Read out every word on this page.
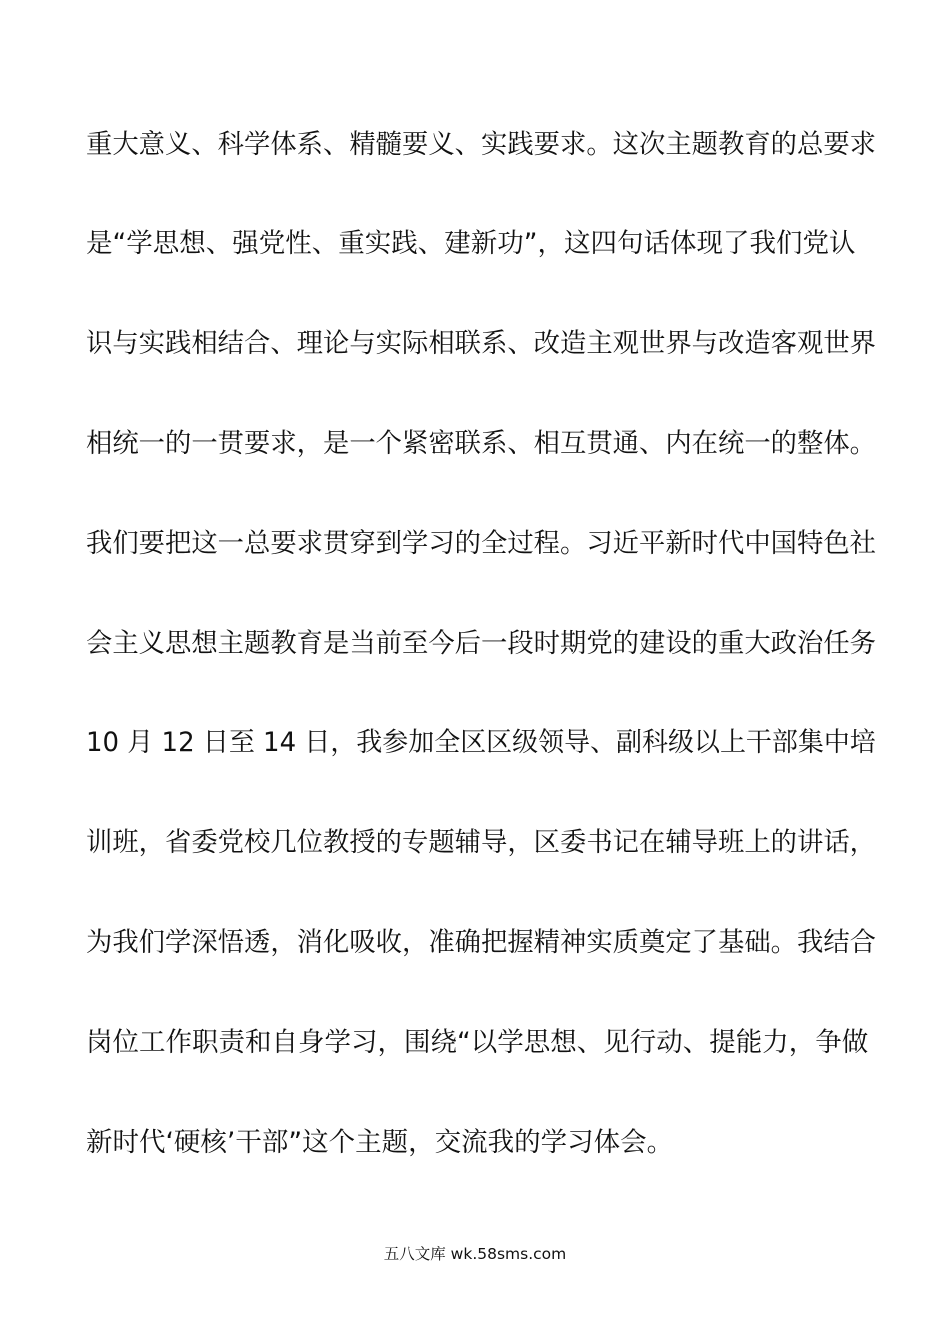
重大意义、科学体系、精髓要义、实践要求。这次主题教育的总要求
是“学思想、强党性、重实践、建新功”，这四句话体现了我们党认
识与实践相结合、理论与实际相联系、改造主观世界与改造客观世界
相统一的一贯要求，是一个紧密联系、相互贯通、内在统一的整体。
我们要把这一总要求贯穿到学习的全过程。习近平新时代中国特色社
会主义思想主题教育是当前至今后一段时期党的建设的重大政治任务
10 月 12 日至 14 日，我参加全区区级领导、副科级以上干部集中培
训班，省委党校几位教授的专题辅导，区委书记在辅导班上的讲话，
为我们学深悟透，消化吸收，准确把握精神实质奠定了基础。我结合
岗位工作职责和自身学习，围绕“以学思想、见行动、提能力，争做
新时代‘硬核’干部”这个主题，交流我的学习体会。
五八文库 wk.58sms.com
